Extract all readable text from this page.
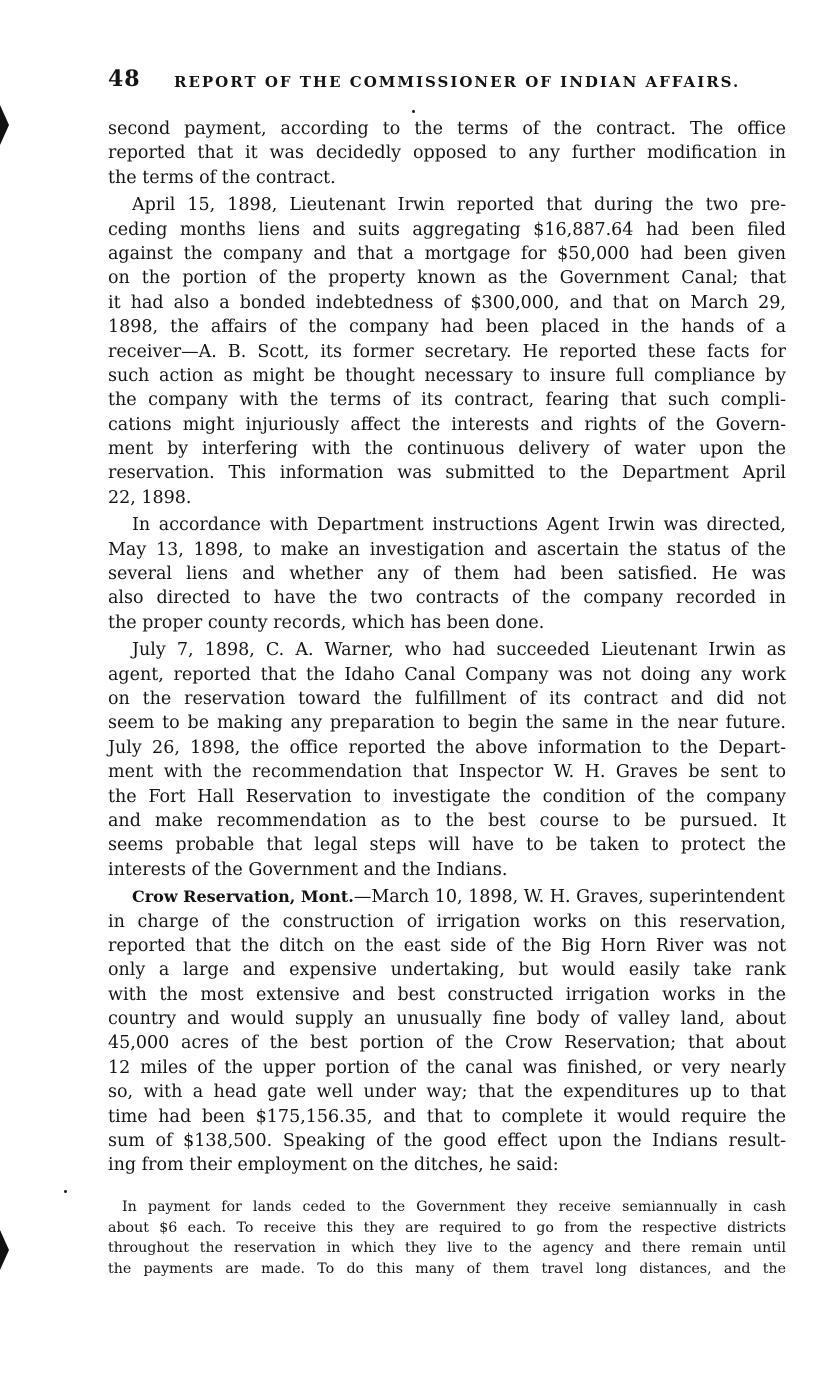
48 REPORT OF THE COMMISSIONER OF INDIAN AFFAIRS.
second payment, according to the terms of the contract. The office
reported that it was decidedly opposed to any further modification in
the terms of the contract.
April 15, 1898, Lieutenant Irwin reported that during the two pre-
ceding months liens and suits aggregating $16,887.64 had been filed
against the company and that a mortgage for $50,000 had been given
on the portion of the property known as the Government Canal; that
it had also a bonded indebtedness of $300,000, and that on March 29,
1898, the affairs of the company had been placed in the hands of a
receiver—A. B. Scott, its former secretary. He reported these facts for
such action as might be thought necessary to insure full compliance by
the company with the terms of its contract, fearing that such compli-
cations might injuriously affect the interests and rights of the Govern-
ment by interfering with the continuous delivery of water upon the
reservation. This information was submitted to the Department April
22, 1898.
In accordance with Department instructions Agent Irwin was directed,
May 13, 1898, to make an investigation and ascertain the status of the
several liens and whether any of them had been satisfied. He was
also directed to have the two contracts of the company recorded in
the proper county records, which has been done.
July 7, 1898, C. A. Warner, who had succeeded Lieutenant Irwin as
agent, reported that the Idaho Canal Company was not doing any work
on the reservation toward the fulfillment of its contract and did not
seem to be making any preparation to begin the same in the near future.
July 26, 1898, the office reported the above information to the Depart-
ment with the recommendation that Inspector W. H. Graves be sent to
the Fort Hall Reservation to investigate the condition of the company
and make recommendation as to the best course to be pursued. It
seems probable that legal steps will have to be taken to protect the
interests of the Government and the Indians.
Crow Reservation, Mont.—March 10, 1898, W. H. Graves, superintendent
in charge of the construction of irrigation works on this reservation,
reported that the ditch on the east side of the Big Horn River was not
only a large and expensive undertaking, but would easily take rank
with the most extensive and best constructed irrigation works in the
country and would supply an unusually fine body of valley land, about
45,000 acres of the best portion of the Crow Reservation; that about
12 miles of the upper portion of the canal was finished, or very nearly
so, with a head gate well under way; that the expenditures up to that
time had been $175,156.35, and that to complete it would require the
sum of $138,500. Speaking of the good effect upon the Indians result-
ing from their employment on the ditches, he said:
In payment for lands ceded to the Government they receive semiannually in cash
about $6 each. To receive this they are required to go from the respective districts
throughout the reservation in which they live to the agency and there remain until
the payments are made. To do this many of them travel long distances, and the
